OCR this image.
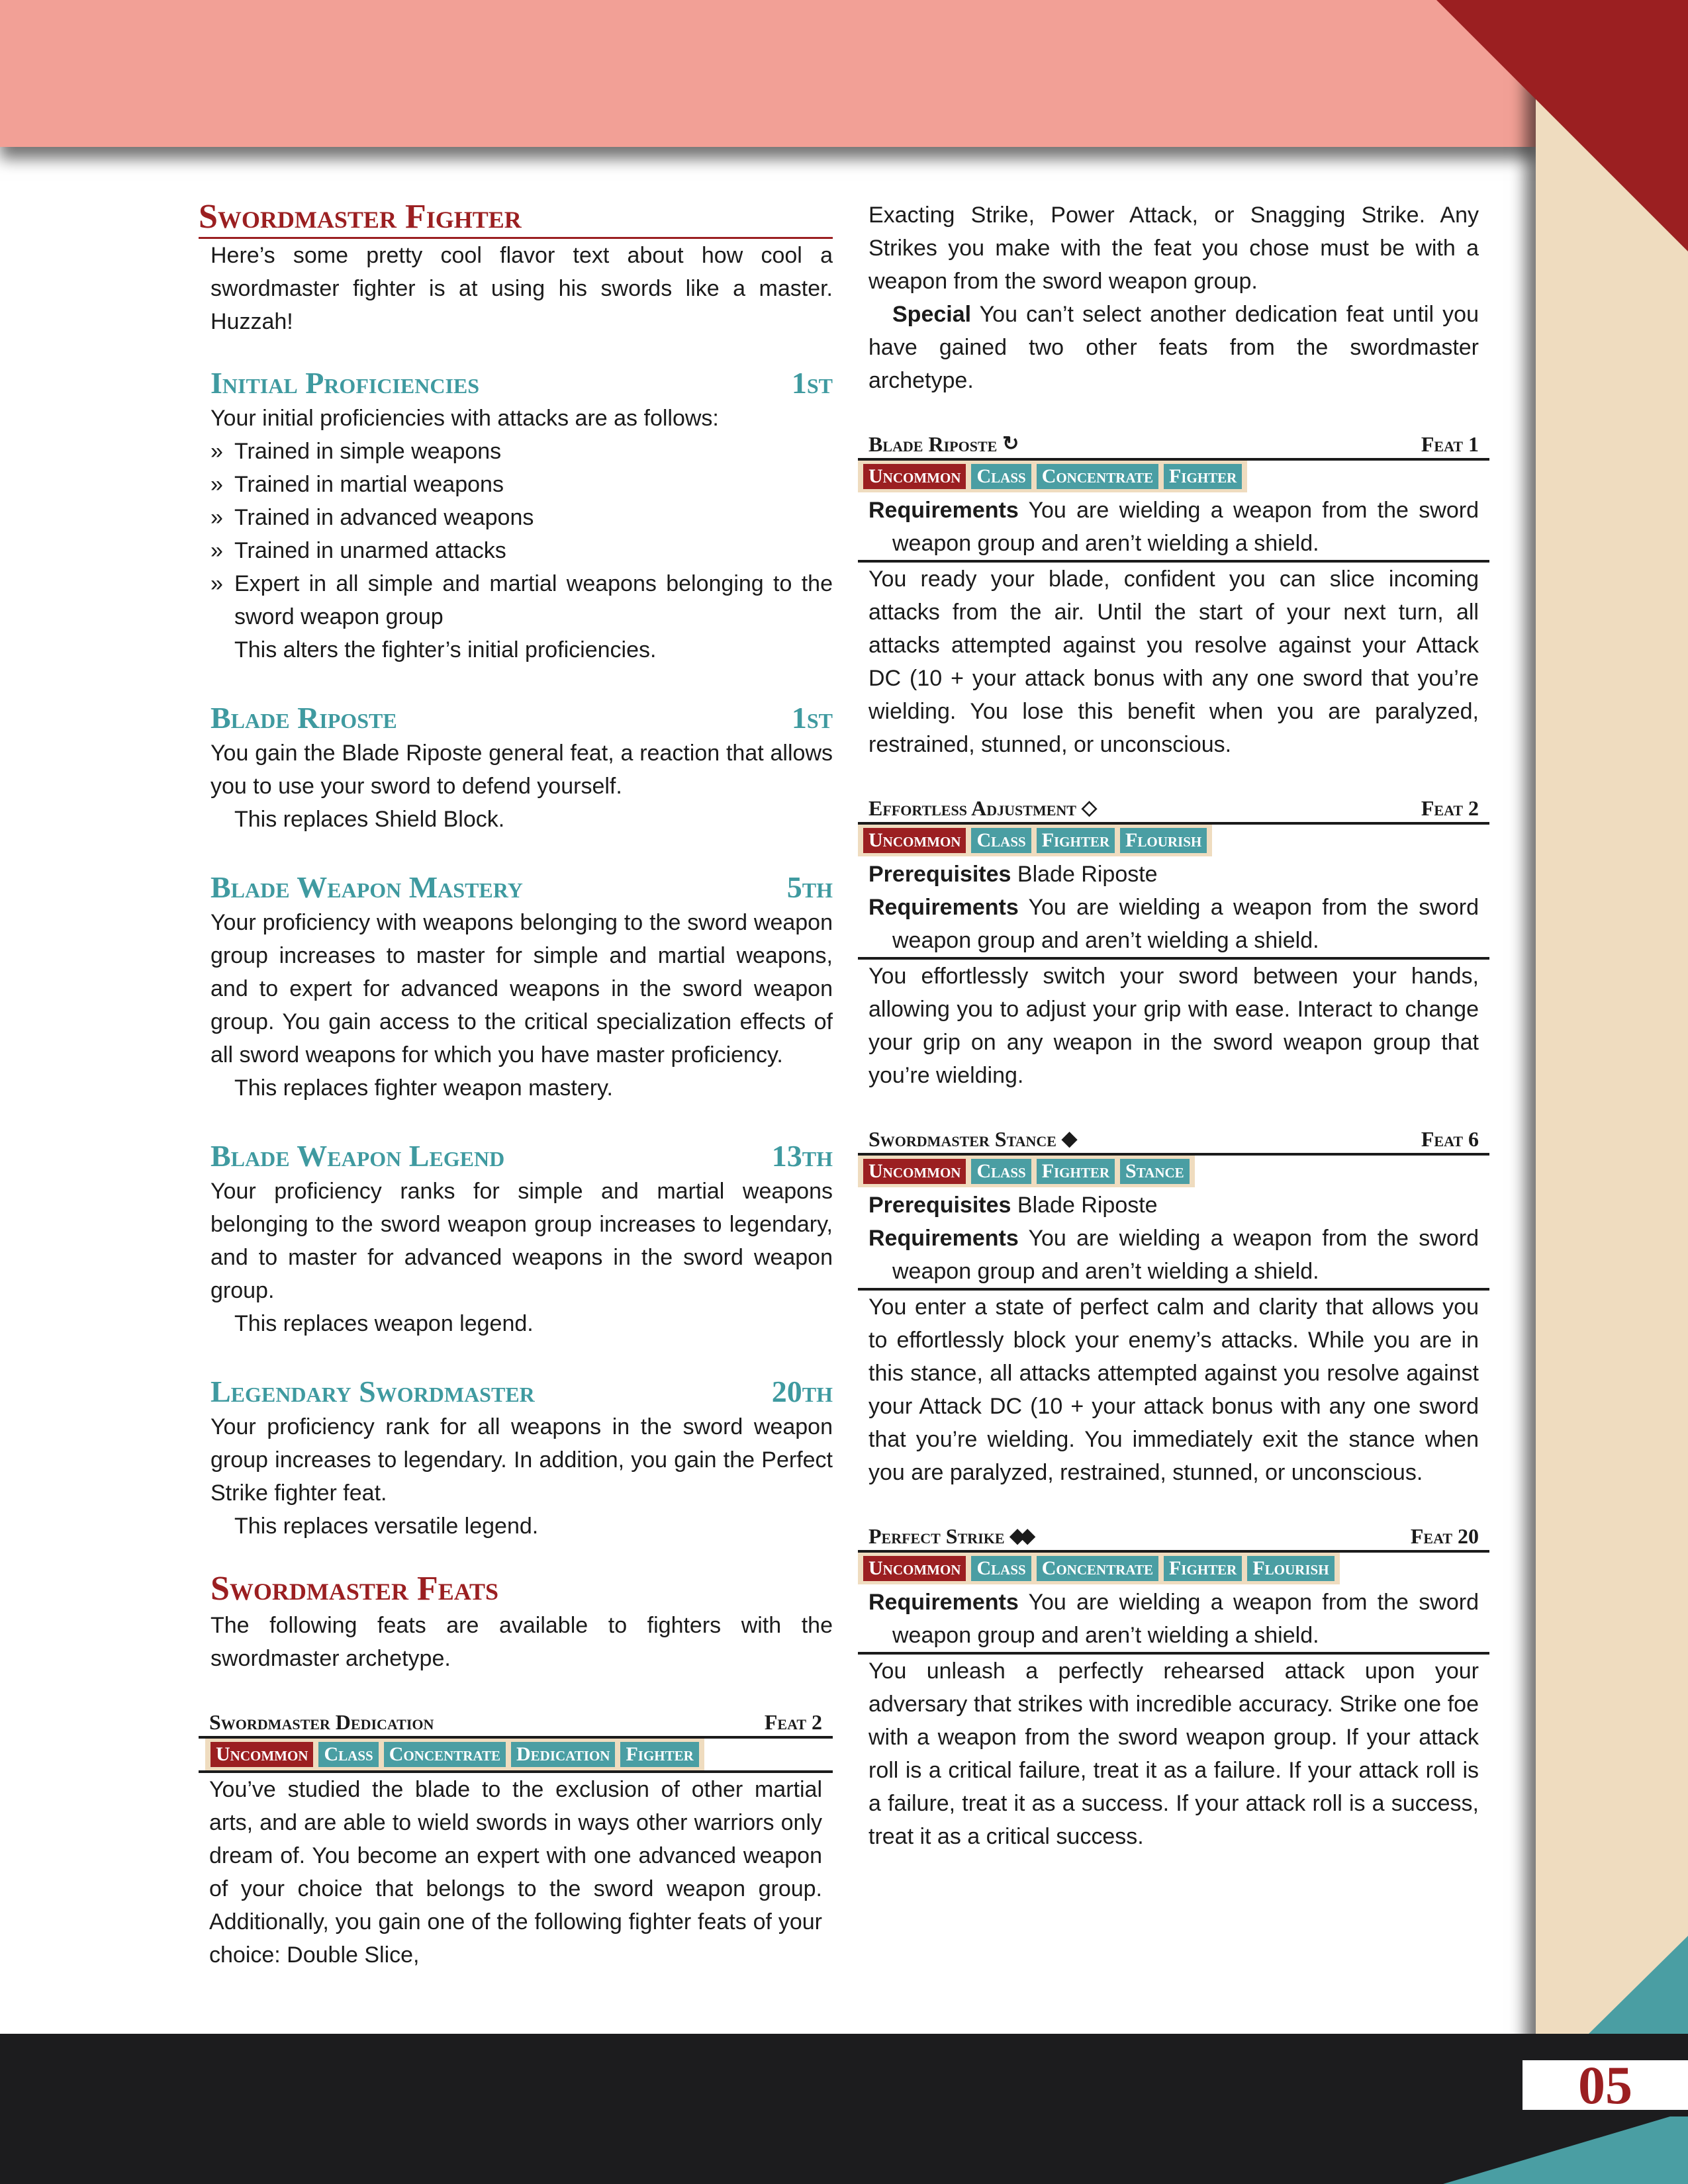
05
Swordmaster Fighter

Here’s some pretty cool flavor text about how cool a swordmaster fighter is at using his swords like a master. Huzzah!

Initial Proficiencies	1st

Your initial proficiencies with attacks are as follows:

» Trained in simple weapons
» Trained in martial weapons
» Trained in advanced weapons
» Trained in unarmed attacks
» Expert in all simple and martial weapons belonging to the sword weapon group

This alters the fighter’s initial proficiencies.

Blade Riposte	1st

You gain the Blade Riposte general feat, a reaction that allows you to use your sword to defend yourself.

This replaces Shield Block.

Blade Weapon Mastery	5th

Your proficiency with weapons belonging to the sword weapon group increases to master for simple and martial weapons, and to expert for advanced weapons in the sword weapon group. You gain access to the critical specialization effects of all sword weapons for which you have master proficiency.

This replaces fighter weapon mastery.

Blade Weapon Legend	13th

Your proficiency ranks for simple and martial weapons belonging to the sword weapon group increases to legendary, and to master for advanced weapons in the sword weapon group.

This replaces weapon legend.

Legendary Swordmaster	20th

Your proficiency rank for all weapons in the sword weapon group increases to legendary. In addition, you gain the Perfect Strike fighter feat.

This replaces versatile legend.

Swordmaster Feats

The following feats are available to fighters with the swordmaster archetype.

Swordmaster Dedication	Feat 2
Uncommon Class Concentrate Dedication Fighter

You’ve studied the blade to the exclusion of other martial arts, and are able to wield swords in ways other warriors only dream of. You become an expert with one advanced weapon of your choice that belongs to the sword weapon group. Additionally, you gain one of the following fighter feats of your choice: Double Slice,

Exacting Strike, Power Attack, or Snagging Strike. Any Strikes you make with the feat you chose must be with a weapon from the sword weapon group.

Special You can’t select another dedication feat until you have gained two other feats from the swordmaster archetype.

Blade Riposte ↻	Feat 1
Uncommon Class Concentrate Fighter

Requirements You are wielding a weapon from the sword weapon group and aren’t wielding a shield.

You ready your blade, confident you can slice incoming attacks from the air. Until the start of your next turn, all attacks attempted against you resolve against your Attack DC (10 + your attack bonus with any one sword that you’re wielding. You lose this benefit when you are paralyzed, restrained, stunned, or unconscious.

Effortless Adjustment ◇	Feat 2
Uncommon Class Fighter Flourish

Prerequisites Blade Riposte

Requirements You are wielding a weapon from the sword weapon group and aren’t wielding a shield.

You effortlessly switch your sword between your hands, allowing you to adjust your grip with ease. Interact to change your grip on any weapon in the sword weapon group that you’re wielding.

Swordmaster Stance ◆	Feat 6
Uncommon Class Fighter Stance

Prerequisites Blade Riposte

Requirements You are wielding a weapon from the sword weapon group and aren’t wielding a shield.

You enter a state of perfect calm and clarity that allows you to effortlessly block your enemy’s attacks. While you are in this stance, all attacks attempted against you resolve against your Attack DC (10 + your attack bonus with any one sword that you’re wielding. You immediately exit the stance when you are paralyzed, restrained, stunned, or unconscious.

Perfect Strike ◆◆	Feat 20
Uncommon Class Concentrate Fighter Flourish

Requirements You are wielding a weapon from the sword weapon group and aren’t wielding a shield.

You unleash a perfectly rehearsed attack upon your adversary that strikes with incredible accuracy. Strike one foe with a weapon from the sword weapon group. If your attack roll is a critical failure, treat it as a failure. If your attack roll is a failure, treat it as a success. If your attack roll is a success, treat it as a critical success.
